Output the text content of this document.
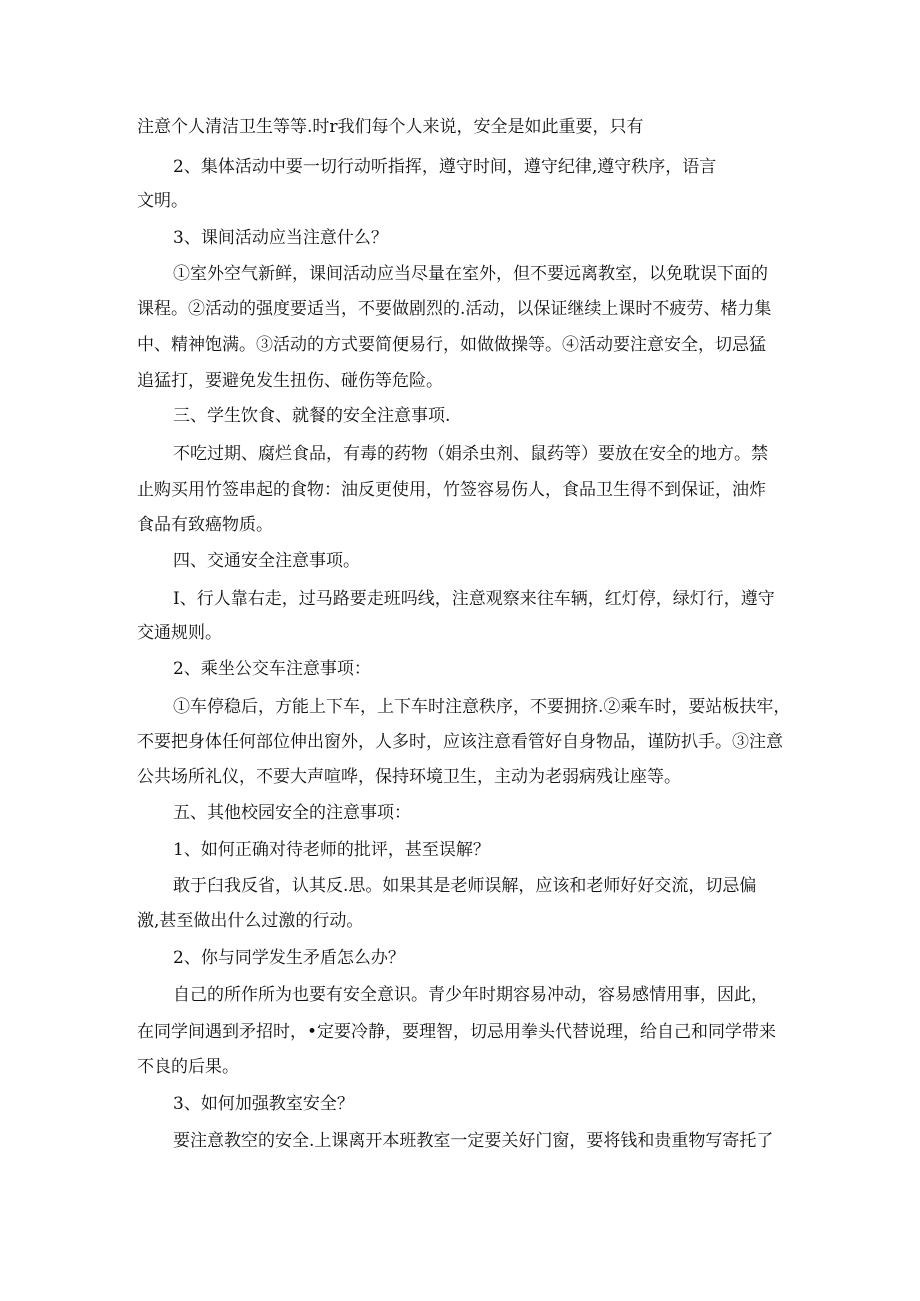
注意个人清洁卫生等等.时r我们每个人来说，安全是如此重要，只有
2、集体活动中要一切行动听指挥，遵守时间，遵守纪律,遵守秩序，语言
文明。
3、课间活动应当注意什么？
①室外空气新鲜，课间活动应当尽量在室外，但不要远离教室，以免耽误下面的
课程。②活动的强度要适当，不要做剧烈的.活动，以保证继续上课时不疲劳、楮力集
中、精神饱满。③活动的方式要简便易行，如做做操等。④活动要注意安全，切忌猛
追猛打，要避免发生扭伤、碰伤等危险。
三、学生饮食、就餐的安全注意事项.
不吃过期、腐烂食品，有毒的药物（娟杀虫剂、鼠药等）要放在安全的地方。禁
止购买用竹签串起的食物：油反更使用，竹签容易伤人，食品卫生得不到保证，油炸
食品有致癌物质。
四、交通安全注意事项。
I、行人靠右走，过马路要走班吗线，注意观察来往车辆，红灯停，绿灯行，遵守
交通规则。
2、乘坐公交车注意事项：
①车停稳后，方能上下车，上下车时注意秩序，不要拥挤.②乘车时，要站板扶牢，
不要把身体任何部位伸出窗外，人多时，应该注意看管好自身物品，谨防扒手。③注意
公共场所礼仪，不要大声喧哗，保持环境卫生，主动为老弱病残让座等。
五、其他校园安全的注意事项：
1、如何正确对待老师的批评，甚至误解？
敢于臼我反省，认其反.思。如果其是老师误解，应该和老师好好交流，切忌偏
激,甚至做出什么过激的行动。
2、你与同学发生矛盾怎么办？
自己的所作所为也要有安全意识。青少年时期容易冲动，容易感情用事，因此，
在同学间遇到矛招时，•定要冷静，要理智，切忌用拳头代替说理，给自己和同学带来
不良的后果。
3、如何加强教室安全？
要注意教空的安全.上课离开本班教室一定要关好门窗，要将钱和贵重物写寄托了
